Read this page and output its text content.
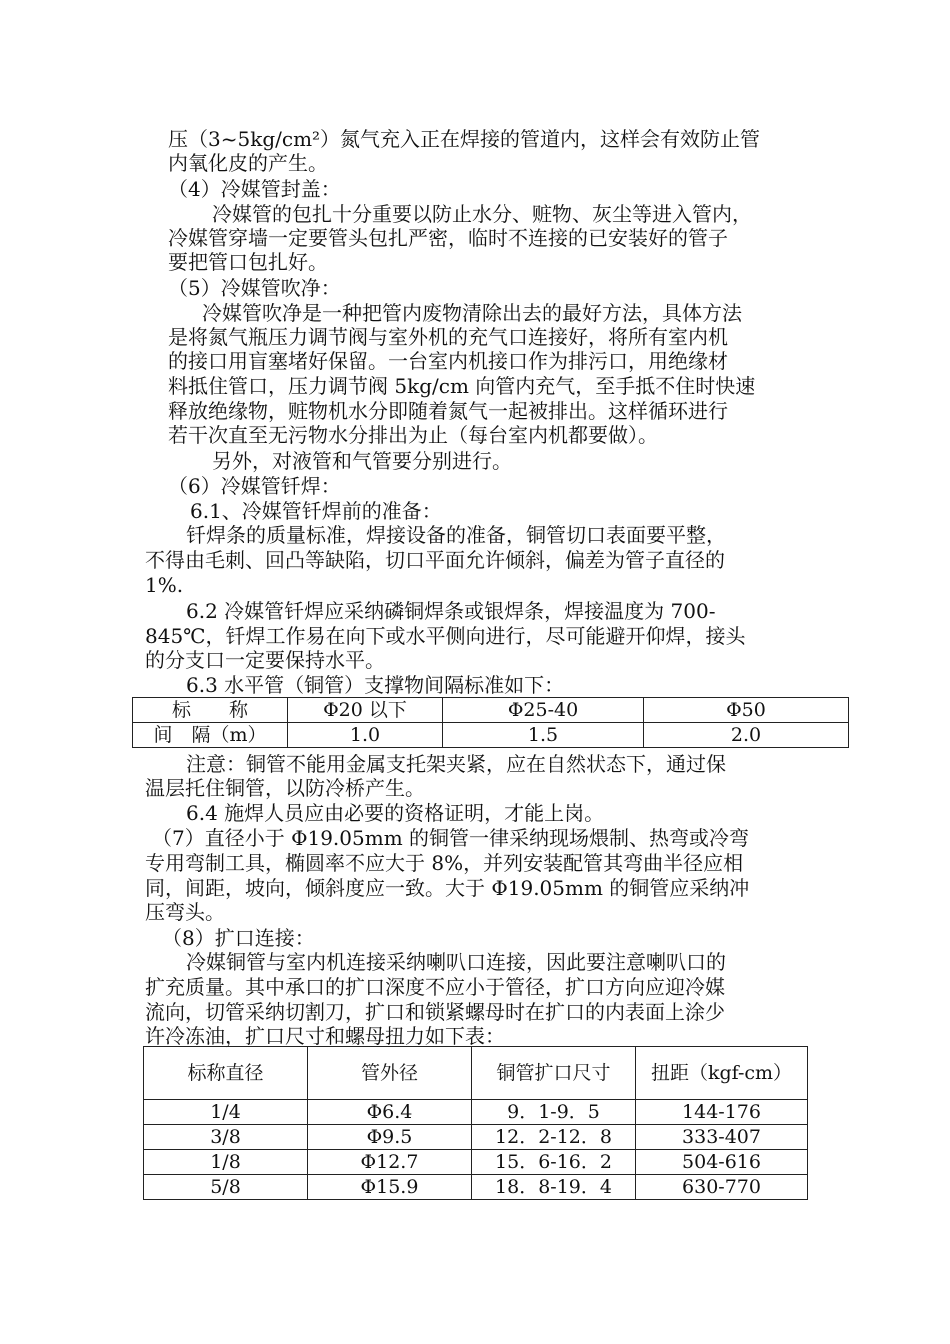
压（3~5kg/cm²）氮气充入正在焊接的管道内，这样会有效防止管

内氧化皮的产生。

（4）冷媒管封盖：

冷媒管的包扎十分重要以防止水分、赃物、灰尘等进入管内，

冷媒管穿墙一定要管头包扎严密，临时不连接的已安装好的管子

要把管口包扎好。

（5）冷媒管吹净：

冷媒管吹净是一种把管内废物清除出去的最好方法，具体方法

是将氮气瓶压力调节阀与室外机的充气口连接好，将所有室内机

的接口用盲塞堵好保留。一台室内机接口作为排污口，用绝缘材

料抵住管口，压力调节阀 5kg/cm 向管内充气，至手抵不住时快速

释放绝缘物，赃物机水分即随着氮气一起被排出。这样循环进行

若干次直至无污物水分排出为止（每台室内机都要做）。

另外，对液管和气管要分别进行。

（6）冷媒管钎焊：

6.1、冷媒管钎焊前的准备：

钎焊条的质量标准，焊接设备的准备，铜管切口表面要平整，

不得由毛刺、回凸等缺陷，切口平面允许倾斜，偏差为管子直径的

1%.

6.2 冷媒管钎焊应采纳磷铜焊条或银焊条，焊接温度为 700-

845℃，钎焊工作易在向下或水平侧向进行，尽可能避开仰焊，接头

的分支口一定要保持水平。

6.3 水平管（铜管）支撑物间隔标准如下：

标　　称	Φ20 以下	Φ25-40	Φ50
间　隔（m）	1.0	1.5	2.0

注意：铜管不能用金属支托架夹紧，应在自然状态下，通过保

温层托住铜管，以防冷桥产生。

6.4 施焊人员应由必要的资格证明，才能上岗。

（7）直径小于 Φ19.05mm 的铜管一律采纳现场煨制、热弯或冷弯

专用弯制工具，椭圆率不应大于 8%，并列安装配管其弯曲半径应相

同，间距，坡向，倾斜度应一致。大于 Φ19.05mm 的铜管应采纳冲

压弯头。

（8）扩口连接：

冷媒铜管与室内机连接采纳喇叭口连接，因此要注意喇叭口的

扩充质量。其中承口的扩口深度不应小于管径，扩口方向应迎冷媒

流向，切管采纳切割刀，扩口和锁紧螺母时在扩口的内表面上涂少

许冷冻油，扩口尺寸和螺母扭力如下表：

标称直径	管外径	铜管扩口尺寸	扭距（kgf-cm）
1/4	Φ6.4	9．1-9．5	144-176
3/8	Φ9.5	12．2-12．8	333-407
1/8	Φ12.7	15．6-16．2	504-616
5/8	Φ15.9	18．8-19．4	630-770
